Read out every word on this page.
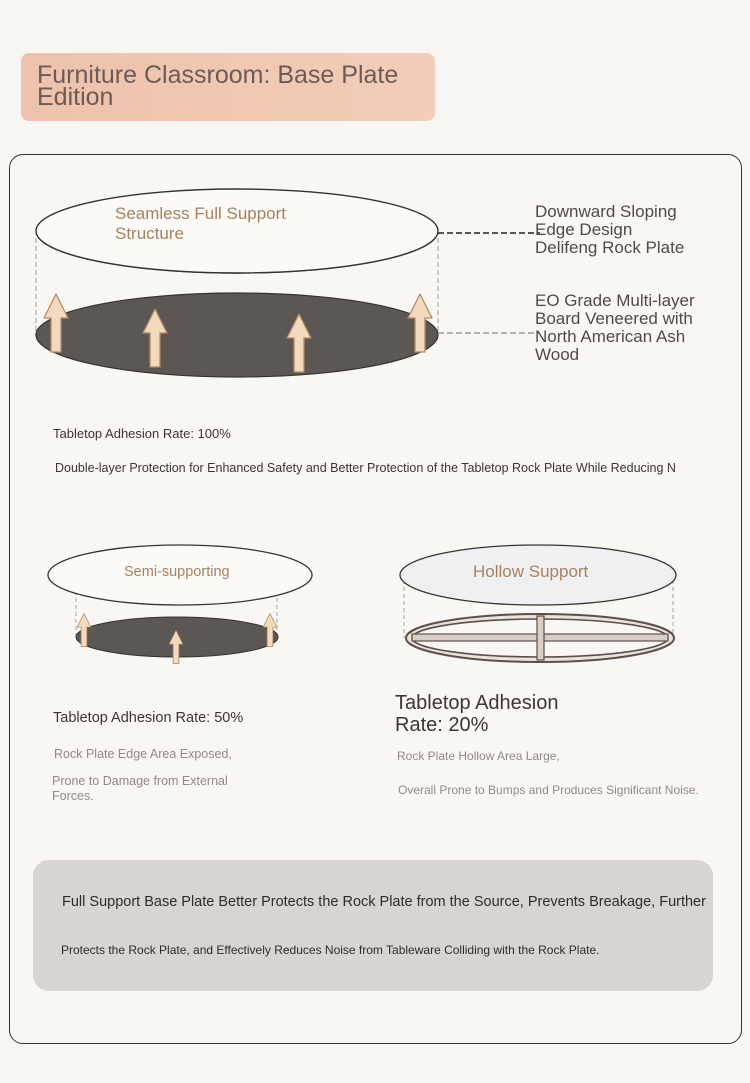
Furniture Classroom: Base Plate Edition
Seamless Full Support Structure
Downward Sloping Edge Design Delifeng Rock Plate
EO Grade Multi-layer Board Veneered with North American Ash Wood
Tabletop Adhesion Rate: 100%
Double-layer Protection for Enhanced Safety and Better Protection of the Tabletop Rock Plate While Reducing N
Semi-supporting
Tabletop Adhesion Rate: 50%
Rock Plate Edge Area Exposed,
Prone to Damage from External Forces.
Hollow Support
Tabletop Adhesion Rate: 20%
Rock Plate Hollow Area Large,
Overall Prone to Bumps and Produces Significant Noise.
Full Support Base Plate Better Protects the Rock Plate from the Source, Prevents Breakage, Further
Protects the Rock Plate, and Effectively Reduces Noise from Tableware Colliding with the Rock Plate.
